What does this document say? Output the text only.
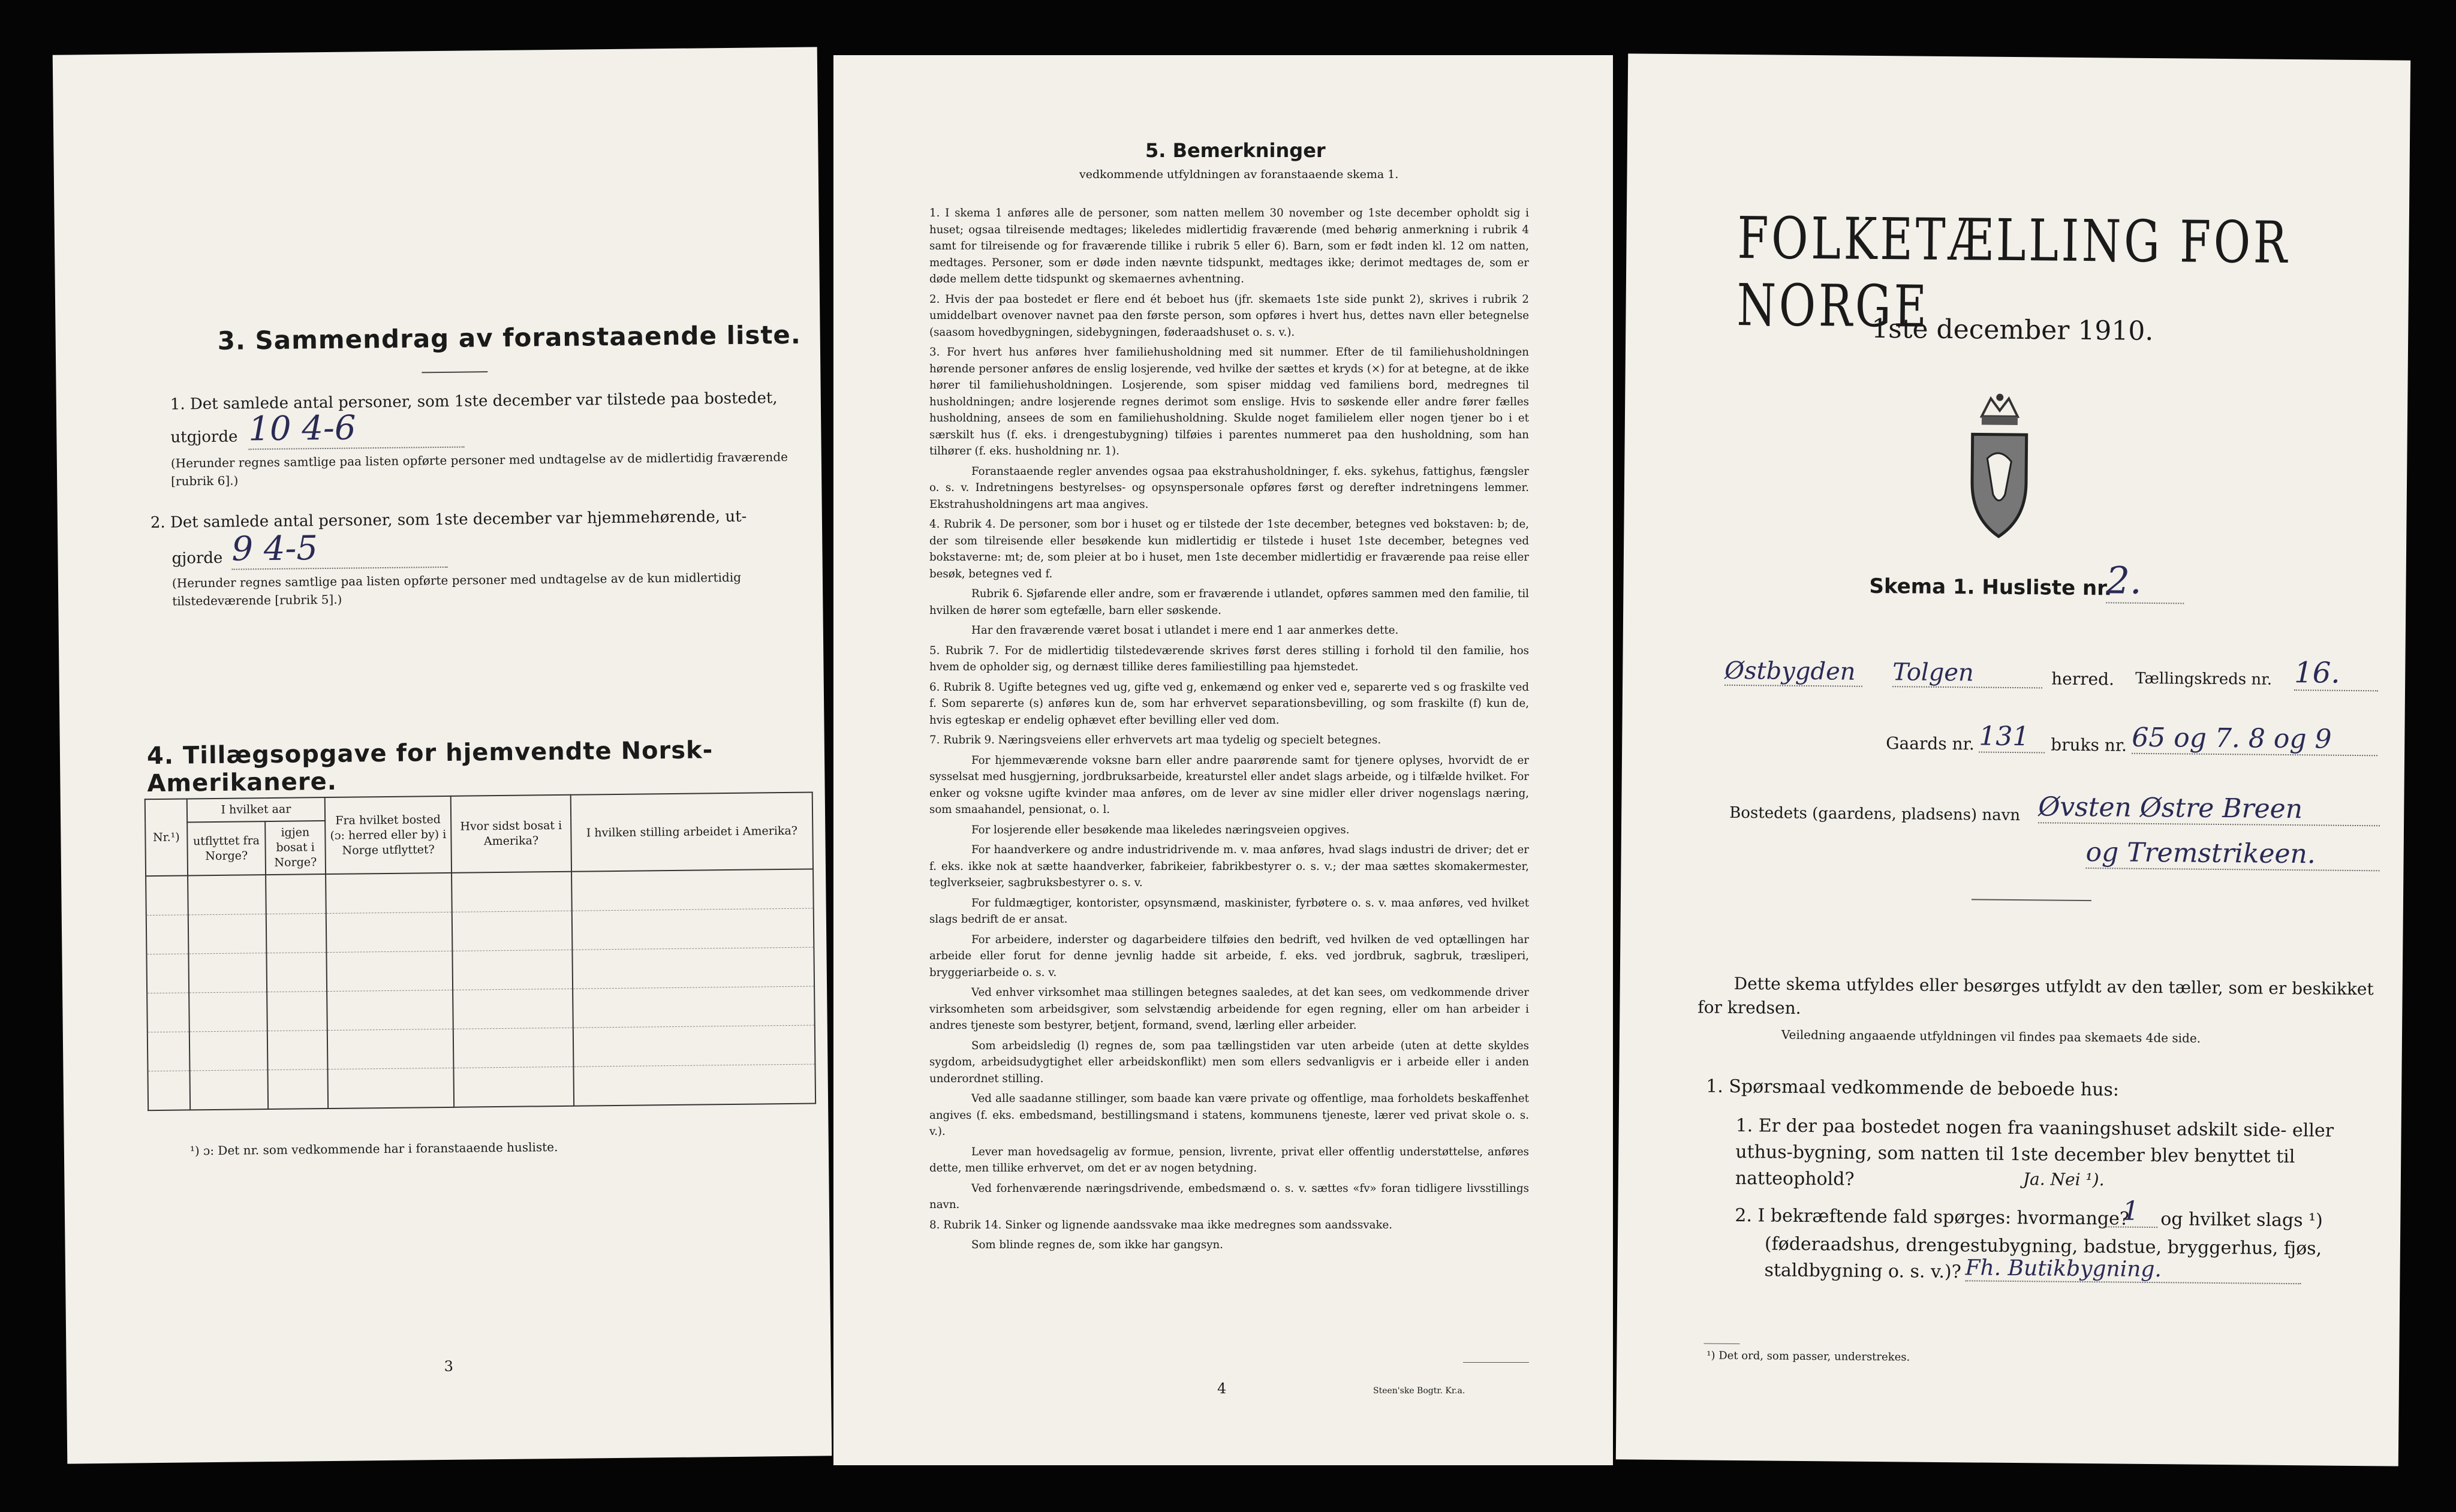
3. Sammendrag av foranstaaende liste.
1. Det samlede antal personer, som 1ste december var tilstede paa bostedet,
utgjorde 10 4-6
(Herunder regnes samtlige paa listen opførte personer med undtagelse av de midlertidig fraværende [rubrik 6].)
2. Det samlede antal personer, som 1ste december var hjemmehørende, ut-
gjorde 9 4-5
(Herunder regnes samtlige paa listen opførte personer med undtagelse av de kun midlertidig tilstedeværende [rubrik 5].)
4. Tillægsopgave for hjemvendte Norsk-Amerikanere.
Nr.¹)	I hvilket aar		Fra hvilket bosted (ɔ: herred eller by) i Norge utflyttet?	Hvor sidst bosat i Amerika?	I hvilken stilling arbeidet i Amerika?
	utflyttet fra Norge?	igjen bosat i Norge?			

¹) ɔ: Det nr. som vedkommende har i foranstaaende husliste.
3
5. Bemerkninger
vedkommende utfyldningen av foranstaaende skema 1.

1. I skema 1 anføres alle de personer, som natten mellem 30 november og 1ste december opholdt sig i huset; ogsaa tilreisende medtages; likeledes midlertidig fraværende (med behørig anmerkning i rubrik 4 samt for tilreisende og for fraværende tillike i rubrik 5 eller 6). Barn, som er født inden kl. 12 om natten, medtages. Personer, som er døde inden nævnte tidspunkt, medtages ikke; derimot medtages de, som er døde mellem dette tidspunkt og skemaernes avhentning.

2. Hvis der paa bostedet er flere end ét beboet hus (jfr. skemaets 1ste side punkt 2), skrives i rubrik 2 umiddelbart ovenover navnet paa den første person, som opføres i hvert hus, dettes navn eller betegnelse (saasom hovedbygningen, sidebygningen, føderaadshuset o. s. v.).

3. For hvert hus anføres hver familiehusholdning med sit nummer. Efter de til familiehusholdningen hørende personer anføres de enslig losjerende, ved hvilke der sættes et kryds (×) for at betegne, at de ikke hører til familiehusholdningen. Losjerende, som spiser middag ved familiens bord, medregnes til husholdningen; andre losjerende regnes derimot som enslige. Hvis to søskende eller andre fører fælles husholdning, ansees de som en familiehusholdning. Skulde noget familielem eller nogen tjener bo i et særskilt hus (f. eks. i drengestubygning) tilføies i parentes nummeret paa den husholdning, som han tilhører (f. eks. husholdning nr. 1).

Foranstaaende regler anvendes ogsaa paa ekstrahusholdninger, f. eks. sykehus, fattighus, fængsler o. s. v. Indretningens bestyrelses- og opsynspersonale opføres først og derefter indretningens lemmer. Ekstrahusholdningens art maa angives.

4. Rubrik 4. De personer, som bor i huset og er tilstede der 1ste december, betegnes ved bokstaven: b; de, der som tilreisende eller besøkende kun midlertidig er tilstede i huset 1ste december, betegnes ved bokstaverne: mt; de, som pleier at bo i huset, men 1ste december midlertidig er fraværende paa reise eller besøk, betegnes ved f.

Rubrik 6. Sjøfarende eller andre, som er fraværende i utlandet, opføres sammen med den familie, til hvilken de hører som egtefælle, barn eller søskende.

Har den fraværende været bosat i utlandet i mere end 1 aar anmerkes dette.

5. Rubrik 7. For de midlertidig tilstedeværende skrives først deres stilling i forhold til den familie, hos hvem de opholder sig, og dernæst tillike deres familiestilling paa hjemstedet.

6. Rubrik 8. Ugifte betegnes ved ug, gifte ved g, enkemænd og enker ved e, separerte ved s og fraskilte ved f. Som separerte (s) anføres kun de, som har erhvervet separationsbevilling, og som fraskilte (f) kun de, hvis egteskap er endelig ophævet efter bevilling eller ved dom.

7. Rubrik 9. Næringsveiens eller erhvervets art maa tydelig og specielt betegnes.

For hjemmeværende voksne barn eller andre paarørende samt for tjenere oplyses, hvorvidt de er sysselsat med husgjerning, jordbruksarbeide, kreaturstel eller andet slags arbeide, og i tilfælde hvilket. For enker og voksne ugifte kvinder maa anføres, om de lever av sine midler eller driver nogenslags næring, som smaahandel, pensionat, o. l.

For losjerende eller besøkende maa likeledes næringsveien opgives.

For haandverkere og andre industridrivende m. v. maa anføres, hvad slags industri de driver; det er f. eks. ikke nok at sætte haandverker, fabrikeier, fabrikbestyrer o. s. v.; der maa sættes skomakermester, teglverkseier, sagbruksbestyrer o. s. v.

For fuldmægtiger, kontorister, opsynsmænd, maskinister, fyrbøtere o. s. v. maa anføres, ved hvilket slags bedrift de er ansat.

For arbeidere, inderster og dagarbeidere tilføies den bedrift, ved hvilken de ved optællingen har arbeide eller forut for denne jevnlig hadde sit arbeide, f. eks. ved jordbruk, sagbruk, træsliperi, bryggeriarbeide o. s. v.

Ved enhver virksomhet maa stillingen betegnes saaledes, at det kan sees, om vedkommende driver virksomheten som arbeidsgiver, som selvstændig arbeidende for egen regning, eller om han arbeider i andres tjeneste som bestyrer, betjent, formand, svend, lærling eller arbeider.

Som arbeidsledig (l) regnes de, som paa tællingstiden var uten arbeide (uten at dette skyldes sygdom, arbeidsudygtighet eller arbeidskonflikt) men som ellers sedvanligvis er i arbeide eller i anden underordnet stilling.

Ved alle saadanne stillinger, som baade kan være private og offentlige, maa forholdets beskaffenhet angives (f. eks. embedsmand, bestillingsmand i statens, kommunens tjeneste, lærer ved privat skole o. s. v.).

Lever man hovedsagelig av formue, pension, livrente, privat eller offentlig understøttelse, anføres dette, men tillike erhvervet, om det er av nogen betydning.

Ved forhenværende næringsdrivende, embedsmænd o. s. v. sættes «fv» foran tidligere livsstillings navn.

8. Rubrik 14. Sinker og lignende aandssvake maa ikke medregnes som aandssvake.

Som blinde regnes de, som ikke har gangsyn.

4	Steen'ske Bogtr. Kr.a.
FOLKETÆLLING FOR NORGE
1ste december 1910.
Skema 1. Husliste nr.
2.
Østbygden Tolgen	herred. Tællingskreds nr. 16.
Gaards nr. 131	bruks nr. 65 og 7. 8 og 9
Bostedets (gaardens, pladsens) navn Øvsten Østre Breen
og Tremstrikeen.
Dette skema utfyldes eller besørges utfyldt av den tæller, som er beskikket for kredsen.
Veiledning angaaende utfyldningen vil findes paa skemaets 4de side.
1. Spørsmaal vedkommende de beboede hus:
1. Er der paa bostedet nogen fra vaaningshuset adskilt side- eller uthus-bygning, som natten til 1ste december blev benyttet til natteophold?	Ja. Nei ¹).
2. I bekræftende fald spørges: hvormange?
1	og hvilket slags ¹)
(føderaadshus, drengestubygning, badstue, bryggerhus, fjøs, staldbygning o. s. v.)? Fh. Butikbygning.
¹) Det ord, som passer, understrekes.
